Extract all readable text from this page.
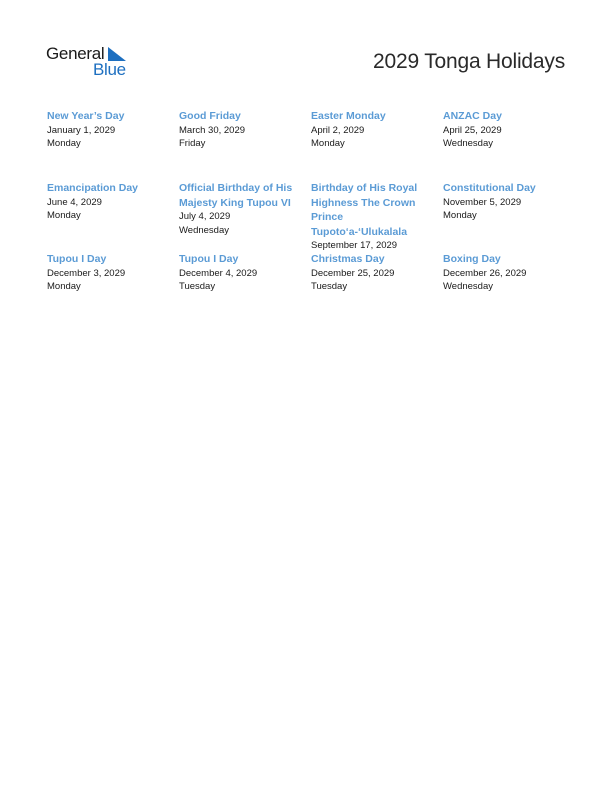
General
Blue	2029 Tonga Holidays
New Year’s Day
January 1, 2029
Monday
Good Friday
March 30, 2029
Friday
Easter Monday
April 2, 2029
Monday
ANZAC Day
April 25, 2029
Wednesday
Emancipation Day
June 4, 2029
Monday
Official Birthday of His Majesty King Tupou VI
July 4, 2029
Wednesday
Birthday of His Royal Highness The Crown Prince Tupoto‘a-‘Ulukalala
September 17, 2029
Constitutional Day
November 5, 2029
Monday
Tupou I Day
December 3, 2029
Monday
Tupou I Day
December 4, 2029
Tuesday
Christmas Day
December 25, 2029
Tuesday
Boxing Day
December 26, 2029
Wednesday
